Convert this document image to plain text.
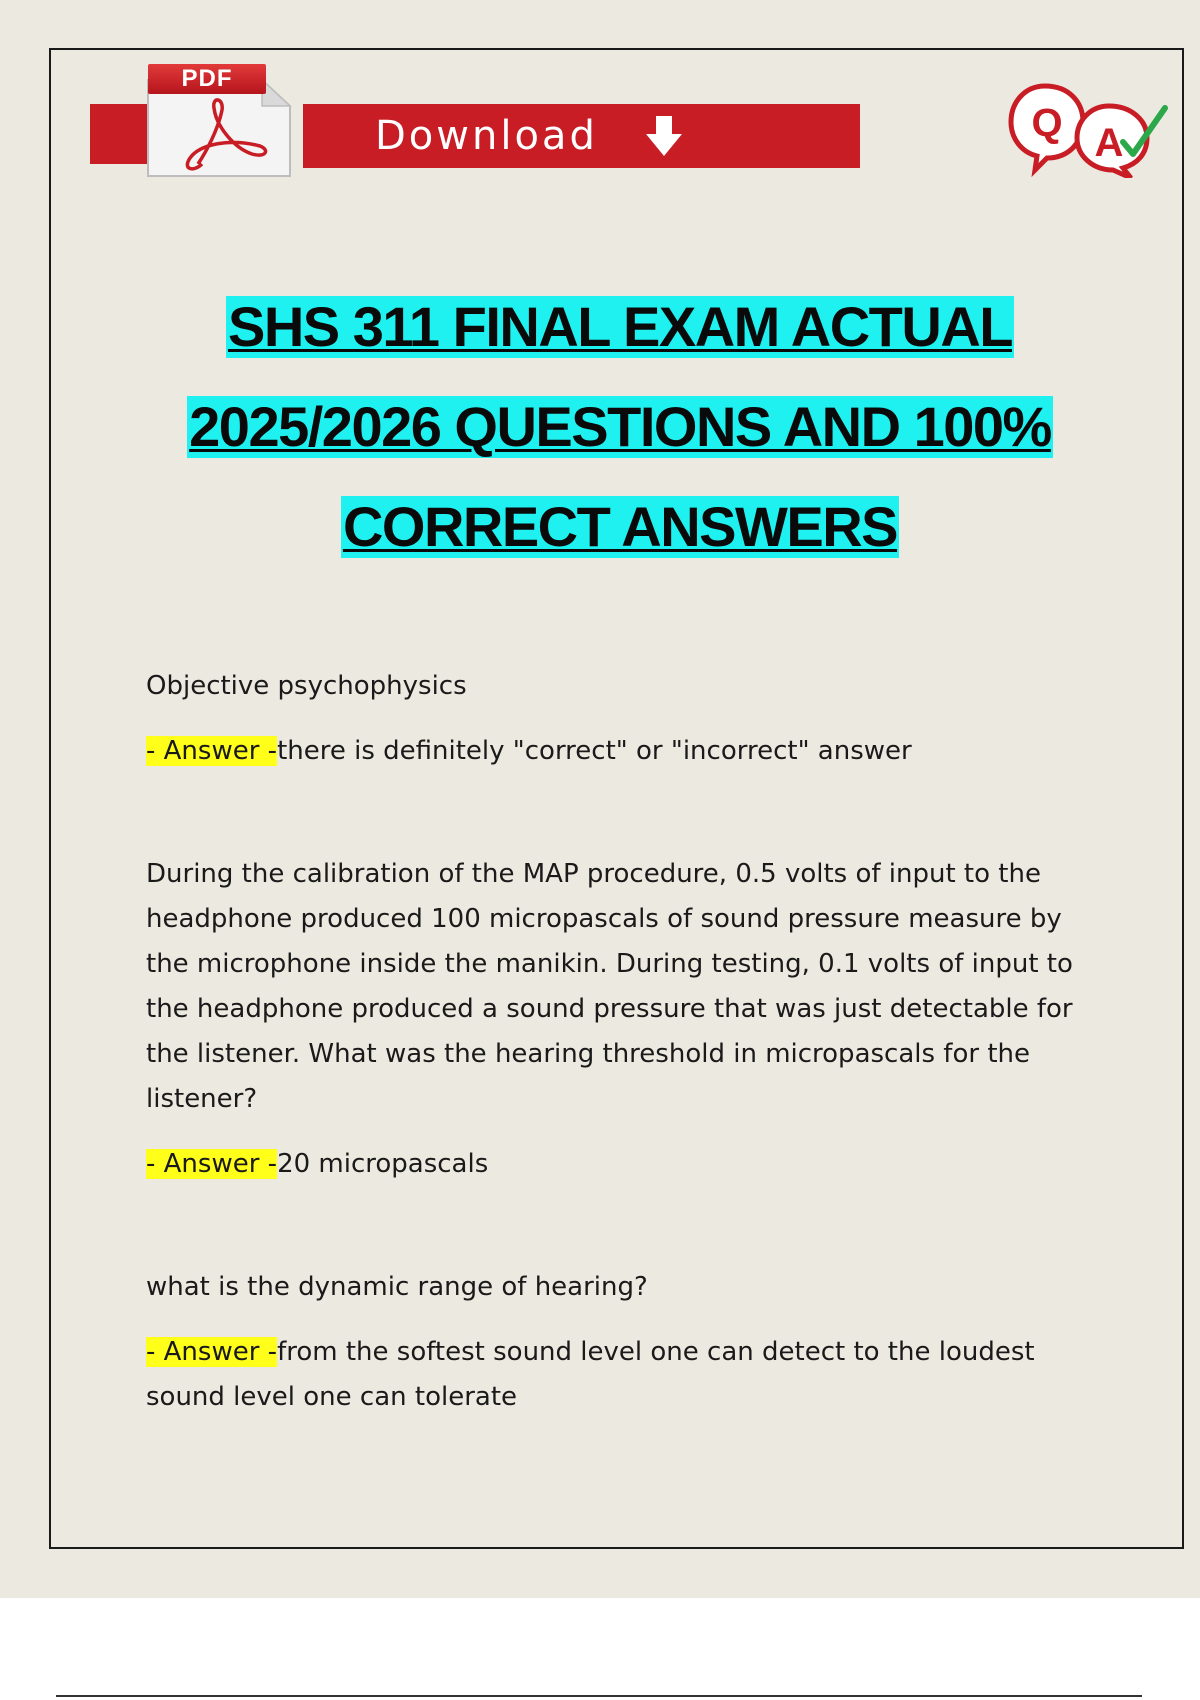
PDF
Download	Q A
SHS 311 FINAL EXAM ACTUAL
2025/2026 QUESTIONS AND 100%
CORRECT ANSWERS

Objective psychophysics

- Answer -there is definitely "correct" or "incorrect" answer

During the calibration of the MAP procedure, 0.5 volts of input to the headphone produced 100 micropascals of sound pressure measure by the microphone inside the manikin. During testing, 0.1 volts of input to the headphone produced a sound pressure that was just detectable for the listener. What was the hearing threshold in micropascals for the listener?

- Answer -20 micropascals

what is the dynamic range of hearing?

- Answer -from the softest sound level one can detect to the loudest sound level one can tolerate
